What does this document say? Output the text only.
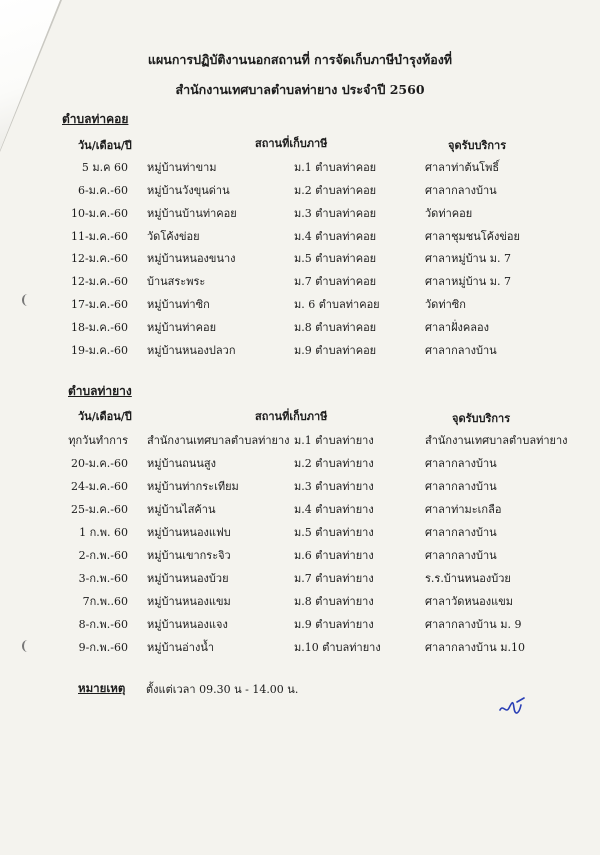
แผนการปฏิบัติงานนอกสถานที่ การจัดเก็บภาษีบำรุงท้องที่
สำนักงานเทศบาลตำบลท่ายาง ประจำปี 2560
ตำบลท่าคอย
วัน/เดือน/ปี	สถานที่เก็บภาษี	จุดรับบริการ
5 ม.ค 60 หมู่บ้านท่าขาม	ม.1 ตำบลท่าคอย	ศาลาท่าต้นโพธิ์
6-ม.ค.-60 หมู่บ้านวังขุนด่าน	ม.2 ตำบลท่าคอย	ศาลากลางบ้าน
10-ม.ค.-60 หมู่บ้านบ้านท่าคอย	ม.3 ตำบลท่าคอย	วัดท่าคอย
11-ม.ค.-60 วัดโค้งข่อย	ม.4 ตำบลท่าคอย	ศาลาชุมชนโค้งข่อย
12-ม.ค.-60 หมู่บ้านหนองขนาง	ม.5 ตำบลท่าคอย	ศาลาหมู่บ้าน ม. 7
12-ม.ค.-60 บ้านสระพระ	ม.7 ตำบลท่าคอย	ศาลาหมู่บ้าน ม. 7
17-ม.ค.-60 หมู่บ้านท่าซิก	ม. 6 ตำบลท่าคอย	วัดท่าซิก
18-ม.ค.-60 หมู่บ้านท่าคอย	ม.8 ตำบลท่าคอย	ศาลาฝั่งคลอง
19-ม.ค.-60 หมู่บ้านหนองปลวก	ม.9 ตำบลท่าคอย	ศาลากลางบ้าน
ตำบลท่ายาง
วัน/เดือน/ปี	สถานที่เก็บภาษี	จุดรับบริการ
ทุกวันทำการ สำนักงานเทศบาลตำบลท่ายาง ม.1 ตำบลท่ายาง	สำนักงานเทศบาลตำบลท่ายาง
20-ม.ค.-60 หมู่บ้านถนนสูง	ม.2 ตำบลท่ายาง	ศาลากลางบ้าน
24-ม.ค.-60 หมู่บ้านท่ากระเทียม	ม.3 ตำบลท่ายาง	ศาลากลางบ้าน
25-ม.ค.-60 หมู่บ้านไสค้าน	ม.4 ตำบลท่ายาง	ศาลาท่ามะเกลือ
1 ก.พ. 60 หมู่บ้านหนองแฟบ	ม.5 ตำบลท่ายาง	ศาลากลางบ้าน
2-ก.พ.-60 หมู่บ้านเขากระจิว	ม.6 ตำบลท่ายาง	ศาลากลางบ้าน
3-ก.พ.-60 หมู่บ้านหนองบ้วย	ม.7 ตำบลท่ายาง	ร.ร.บ้านหนองบ้วย
7ก.พ..60 หมู่บ้านหนองแขม	ม.8 ตำบลท่ายาง	ศาลาวัดหนองแขม
8-ก.พ.-60 หมู่บ้านหนองแจง	ม.9 ตำบลท่ายาง	ศาลากลางบ้าน ม. 9
9-ก.พ.-60 หมู่บ้านอ่างน้ำ	ม.10 ตำบลท่ายาง	ศาลากลางบ้าน ม.10
หมายเหตุ ตั้งแต่เวลา 09.30 น - 14.00 น.
